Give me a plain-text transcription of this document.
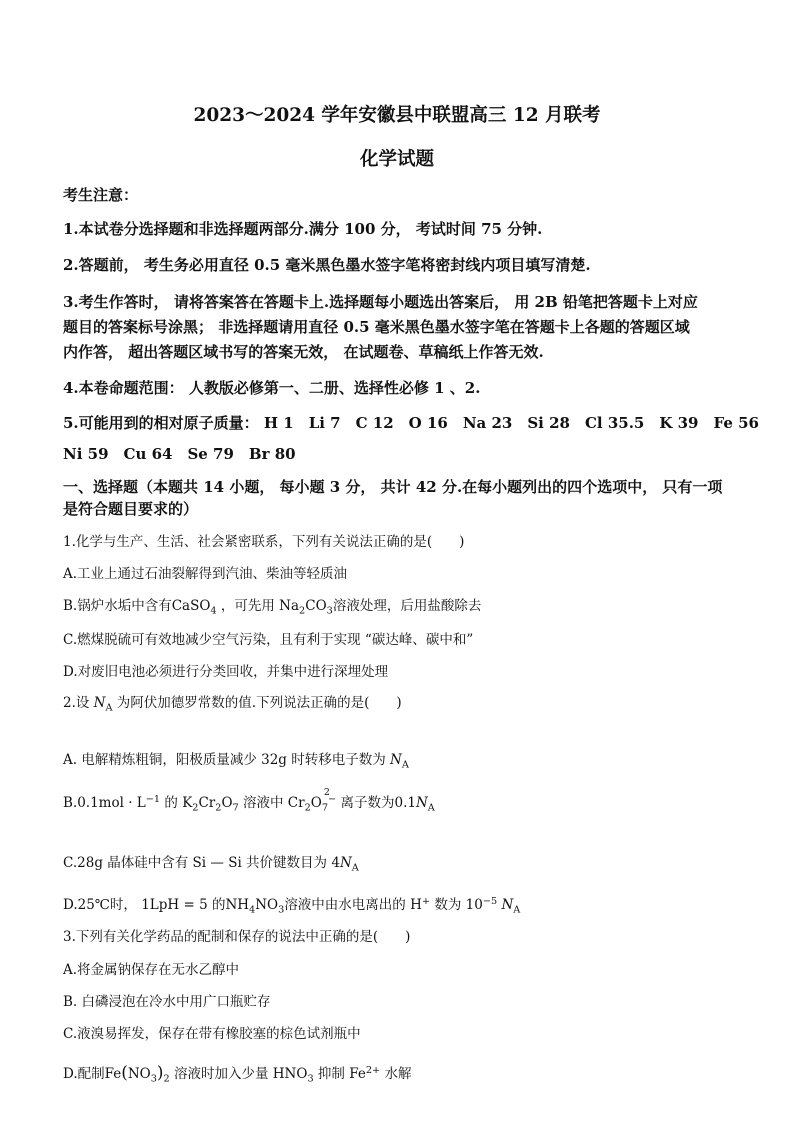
2023～2024 学年安徽县中联盟高三 12 月联考
化学试题
考生注意：
1.本试卷分选择题和非选择题两部分.满分 100 分， 考试时间 75 分钟.
2.答题前， 考生务必用直径 0.5 毫米黑色墨水签字笔将密封线内项目填写清楚.
3.考生作答时， 请将答案答在答题卡上.选择题每小题选出答案后， 用 2B 铅笔把答题卡上对应
题目的答案标号涂黑； 非选择题请用直径 0.5 毫米黑色墨水签字笔在答题卡上各题的答题区域
内作答， 超出答题区域书写的答案无效， 在试题卷、草稿纸上作答无效.
4.本卷命题范围： 人教版必修第一、二册、选择性必修 1 、2.
5.可能用到的相对原子质量： H 1　Li 7　C 12　O 16　Na 23　Si 28　Cl 35.5　K 39　Fe 56
Ni 59　Cu 64　Se 79　Br 80
一、选择题（本题共 14 小题， 每小题 3 分， 共计 42 分.在每小题列出的四个选项中， 只有一项
是符合题目要求的）
1.化学与生产、生活、社会紧密联系，下列有关说法正确的是(　　)
A.工业上通过石油裂解得到汽油、柴油等轻质油
B.锅炉水垢中含有CaSO$_4$ ，可先用 $Na_2CO_3$溶液处理，后用盐酸除去
C.燃煤脱硫可有效地减少空气污染，且有利于实现 “碳达峰、碳中和”
D.对废旧电池必须进行分类回收，并集中进行深埋处理
2.设 $N_A$ 为阿伏加德罗常数的值.下列说法正确的是(　　)
A. 电解精炼粗铜，阳极质量减少 32g 时转移电子数为 $N_A$
$B.0.1mol \cdot L^{-1}$ 的 $K_2Cr_2O_7$ 溶液中 $Cr_2O$
2
$_7$− 离子数为$0.1N_A$
C.28g 晶体硅中含有 Si — Si 共价键数目为 $4N_A$
D.25℃时， 1LpH = 5 的$NH_4NO_3$溶液中由水电离出的 H+ 数为 $10^{-5}$ $N_A$
3.下列有关化学药品的配制和保存的说法中正确的是(　　)
A.将金属钠保存在无水乙醇中
B. 白磷浸泡在冷水中用广口瓶贮存
C.液溴易挥发，保存在带有橡胶塞的棕色试剂瓶中
D.配制$Fe(NO_3)_2$ 溶液时加入少量 $HNO_3$ 抑制 $Fe^{2+}$ 水解
